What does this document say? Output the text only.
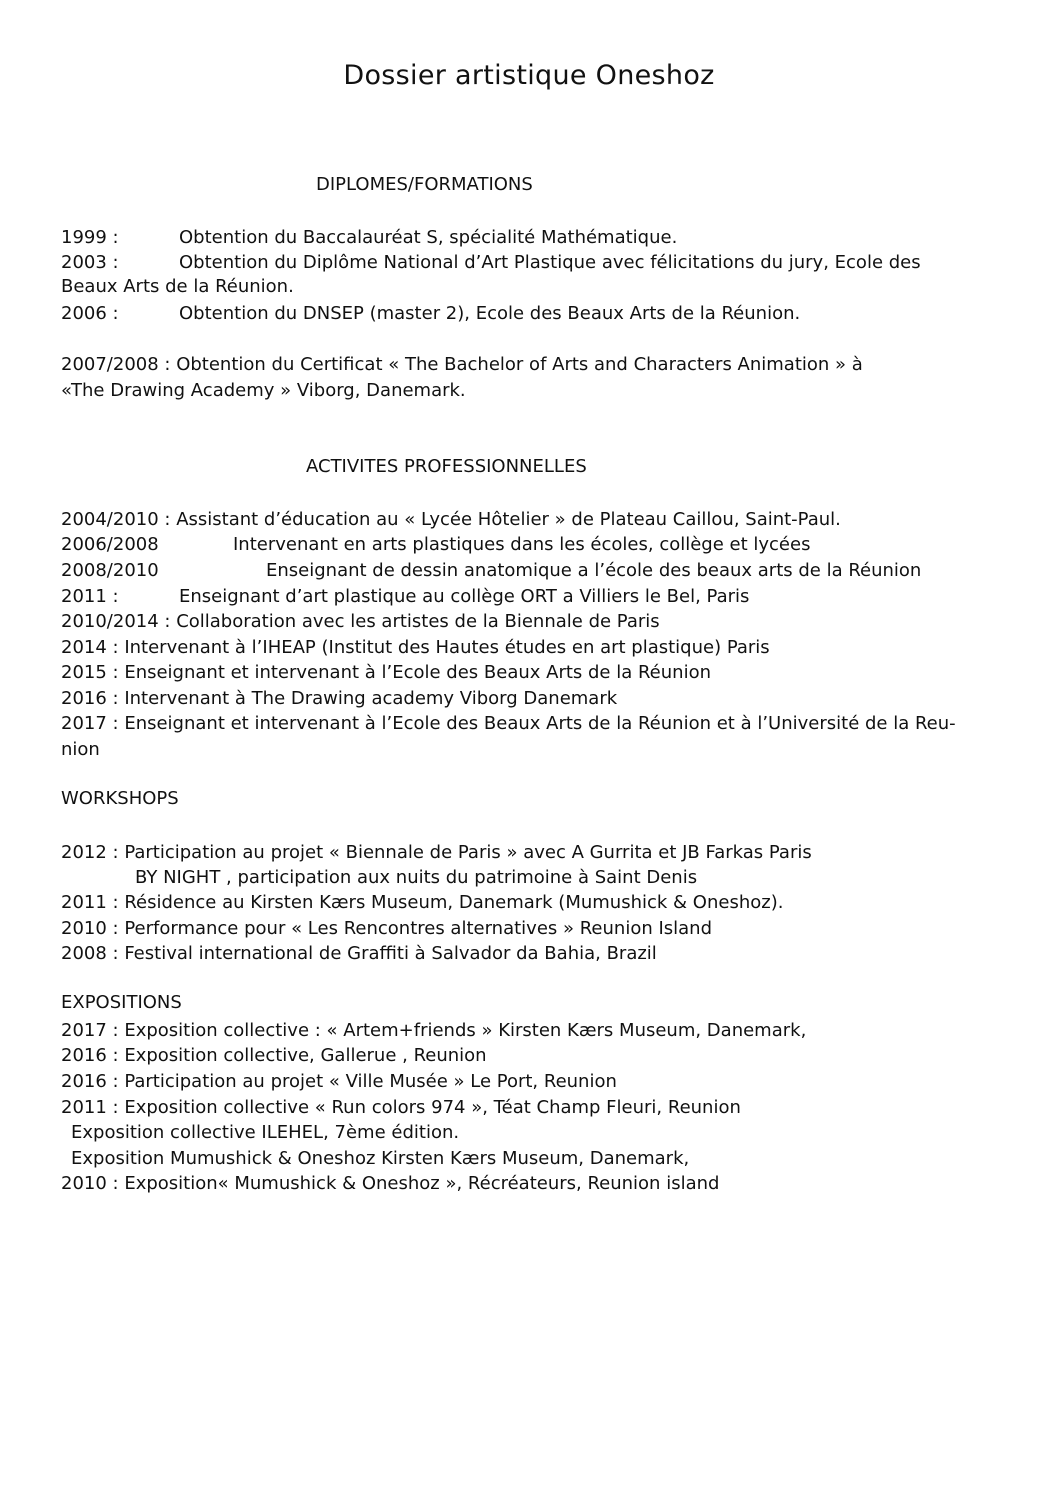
Dossier artistique Oneshoz
DIPLOMES/FORMATIONS
1999 :	Obtention du Baccalauréat S, spécialité Mathématique.
2003 :	Obtention du Diplôme National d’Art Plastique avec félicitations du jury, Ecole des
Beaux Arts de la Réunion.
2006 :	Obtention du DNSEP (master 2), Ecole des Beaux Arts de la Réunion.
2007/2008 : Obtention du Certificat « The Bachelor of Arts and Characters Animation » à
«The Drawing Academy » Viborg, Danemark.
ACTIVITES PROFESSIONNELLES
2004/2010 : Assistant d’éducation au « Lycée Hôtelier » de Plateau Caillou, Saint-Paul.
2006/2008	Intervenant en arts plastiques dans les écoles, collège et lycées
2008/2010	Enseignant de dessin anatomique a l’école des beaux arts de la Réunion
2011 :	Enseignant d’art plastique au collège ORT a Villiers le Bel, Paris
2010/2014 : Collaboration avec les artistes de la Biennale de Paris
2014 : Intervenant à l’IHEAP (Institut des Hautes études en art plastique) Paris
2015 : Enseignant et intervenant à l’Ecole des Beaux Arts de la Réunion
2016 : Intervenant à The Drawing academy Viborg Danemark
2017 : Enseignant et intervenant à l’Ecole des Beaux Arts de la Réunion et à l’Université de la Reu-
nion
WORKSHOPS
2012 : Participation au projet « Biennale de Paris » avec A Gurrita et JB Farkas Paris
BY NIGHT , participation aux nuits du patrimoine à Saint Denis
2011 : Résidence au Kirsten Kærs Museum, Danemark (Mumushick & Oneshoz).
2010 : Performance pour « Les Rencontres alternatives » Reunion Island
2008 : Festival international de Graffiti à Salvador da Bahia, Brazil
EXPOSITIONS
2017 : Exposition collective : « Artem+friends » Kirsten Kærs Museum, Danemark,
2016 : Exposition collective, Gallerue , Reunion
2016 : Participation au projet « Ville Musée » Le Port, Reunion
2011 : Exposition collective « Run colors 974 », Téat Champ Fleuri, Reunion
Exposition collective ILEHEL, 7ème édition.
Exposition Mumushick & Oneshoz Kirsten Kærs Museum, Danemark,
2010 : Exposition« Mumushick & Oneshoz », Récréateurs, Reunion island
